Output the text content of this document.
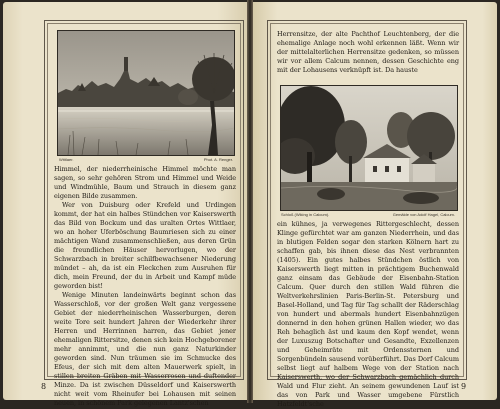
Wittlaer.	Phot. A. Renger.

Himmel, der niederrheinische Himmel möchte man sagen, so sehr gehören Strom und Himmel und Weide und Windmühle, Baum und Strauch in diesem ganz eigenen Bilde zusammen.

Wer von Duisburg oder Krefeld und Urdingen kommt, der hat ein halbes Stündchen vor Kaiserswerth das Bild von Bockum und das uralten Ortes Wittlaer, wo an hoher Uferböschung Baumriesen sich zu einer mächtigen Wand zusammenschließen, aus deren Grün die freundlichen Häuser hervorlugen, wo der Schwarzbach in breiter schilfbewachsener Niederung mündet – ah, da ist ein Fleckchen zum Ausruhen für dich, mein Freund, der du in Arbeit und Kampf müde geworden bist!

Wenige Minuten landeinwärts beginnt schon das Wasserschloß, vor der großen Welt ganz vergessene Gebiet der niederrheinischen Wasserburgen, deren weite Tore seit hundert Jahren der Wiederkehr ihrer Herren und Herrinnen harren, das Gebiet jener ehemaligen Rittersitze, denen sich kein Hochgeborener mehr annimmt, und die nun ganz Naturkinder geworden sind. Nun träumen sie im Schmucke des Efeus, der sich mit dem alten Mauerwerk spielt, in stillen breiten Gräben mit Wasserrosen und duftender Minze. Da ist zwischen Düsseldorf und Kaiserswerth nicht weit vom Rheinufer bei Lohausen mit seinen neuen, in schönem Park gelegenen Lantz'schen

8

Herrensitze, der alte Pachthof Leuchtenberg, der die ehemalige Anlage noch wohl erkennen läßt. Wenn wir der mittelalterlichen Herrensitze gedenken, so müssen wir vor allem Calcum nennen, dessen Geschichte eng mit der Lohausens verknüpft ist. Da hauste

Schloß (Wiking in Calcum).	Gemälde von Adolf Hagel, Calcum.

ein kühnes, ja verwegenes Rittergeschlecht, dessen Klinge gefürchtet war am ganzen Niederrhein, und das in blutigen Felden sogar den starken Kölnern hart zu schaffen gab, bis ihnen diese das Nest verbrannten (1405). Ein gutes halbes Stündchen östlich von Kaiserswerth liegt mitten in prächtigem Buchenwald ganz einsam das Gebäude der Eisenbahn-Station Calcum. Quer durch den stillen Wald führen die Weltverkehrslinien Paris-Berlin-St. Petersburg und Basel-Holland, und Tag für Tag schallt der Räderschlag von hundert und abermals hundert Eisenbahnzügen donnernd in den hohen grünen Hallen wieder, wo das Reh behaglich äst und kaum den Kopf wendet, wenn der Luxuszug Botschafter und Gesandte, Exzellenzen und Geheimräte mit Ordenssternen und Sorgenbündeln sausend vorüberführt. Das Dorf Calcum selbst liegt auf halbem Wege von der Station nach Kaiserswerth, wo der Schwarzbach gemächlich durch Wald und Flur zieht. An seinem gewundenen Lauf ist das von Park und Wasser umgebene Fürstlich Hatzfeldt'sche

9
